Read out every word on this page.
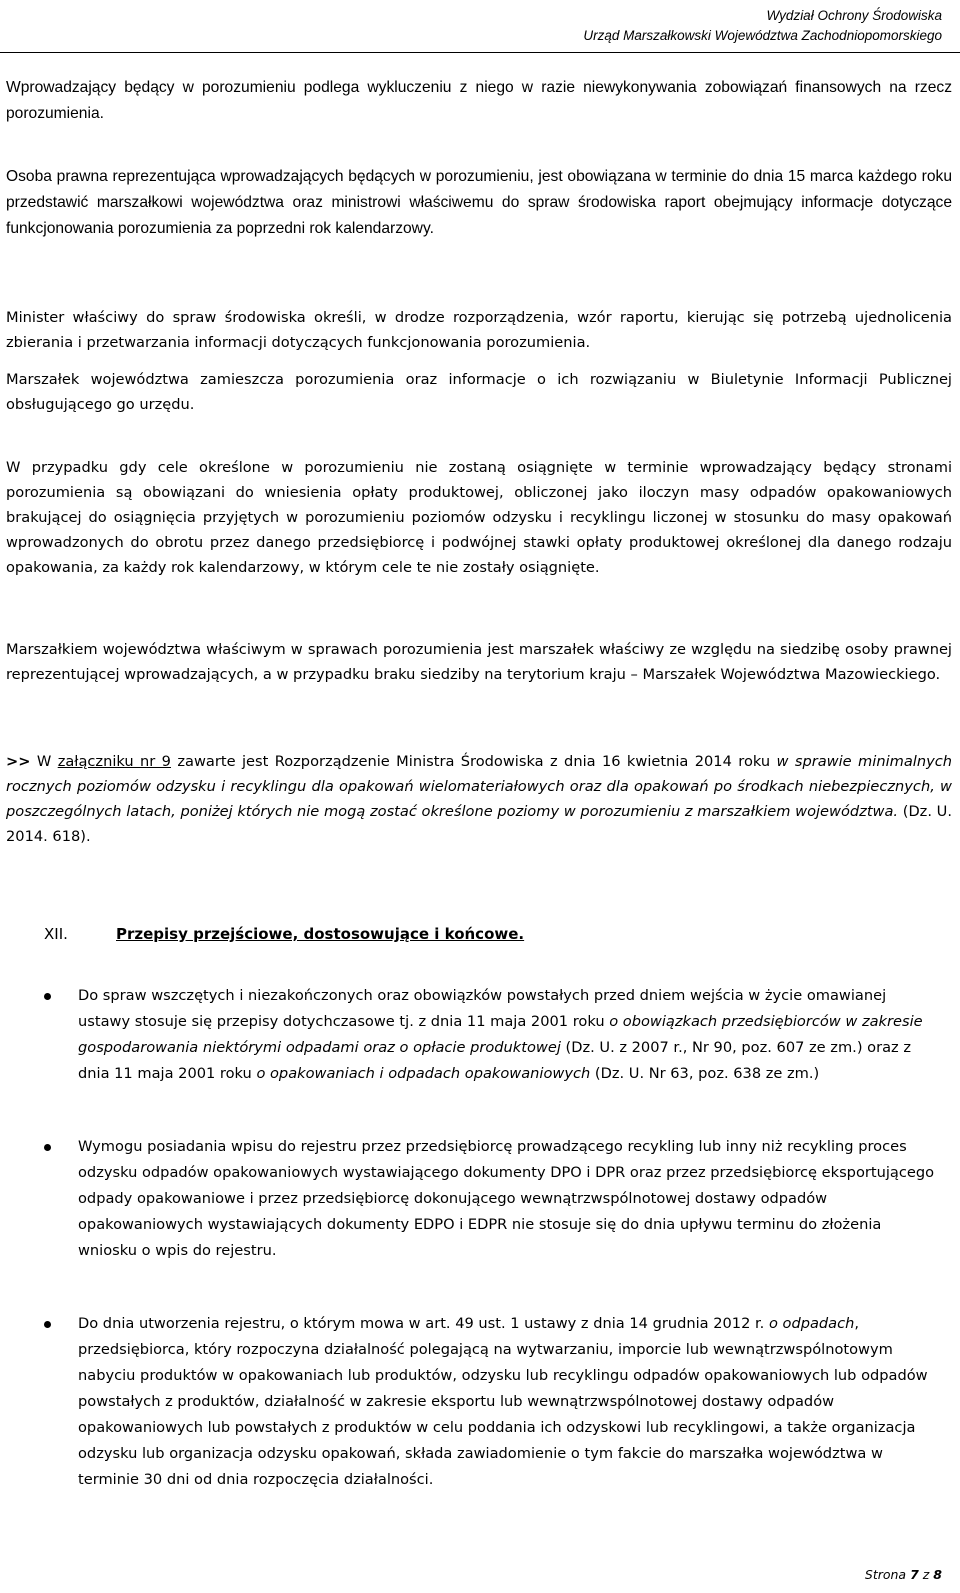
Wydział Ochrony Środowiska
Urząd Marszałkowski Województwa Zachodniopomorskiego

Wprowadzający będący w porozumieniu podlega wykluczeniu z niego w razie niewykonywania zobowiązań finansowych na rzecz porozumienia.

Osoba prawna reprezentująca wprowadzających będących w porozumieniu, jest obowiązana w terminie do dnia 15 marca każdego roku przedstawić marszałkowi województwa oraz ministrowi właściwemu do spraw środowiska raport obejmujący informacje dotyczące funkcjonowania porozumienia za poprzedni rok kalendarzowy.

Minister właściwy do spraw środowiska określi, w drodze rozporządzenia, wzór raportu, kierując się potrzebą ujednolicenia zbierania i przetwarzania informacji dotyczących funkcjonowania porozumienia.

Marszałek województwa zamieszcza porozumienia oraz informacje o ich rozwiązaniu w Biuletynie Informacji Publicznej obsługującego go urzędu.

W przypadku gdy cele określone w porozumieniu nie zostaną osiągnięte w terminie wprowadzający będący stronami porozumienia są obowiązani do wniesienia opłaty produktowej, obliczonej jako iloczyn masy odpadów opakowaniowych brakującej do osiągnięcia przyjętych w porozumieniu poziomów odzysku i recyklingu liczonej w stosunku do masy opakowań wprowadzonych do obrotu przez danego przedsiębiorcę i podwójnej stawki opłaty produktowej określonej dla danego rodzaju opakowania, za każdy rok kalendarzowy, w którym cele te nie zostały osiągnięte.

Marszałkiem województwa właściwym w sprawach porozumienia jest marszałek właściwy ze względu na siedzibę osoby prawnej reprezentującej wprowadzających, a w przypadku braku siedziby na terytorium kraju – Marszałek Województwa Mazowieckiego.

>> W załączniku nr 9 zawarte jest Rozporządzenie Ministra Środowiska z dnia 16 kwietnia 2014 roku w sprawie minimalnych rocznych poziomów odzysku i recyklingu dla opakowań wielomateriałowych oraz dla opakowań po środkach niebezpiecznych, w poszczególnych latach, poniżej których nie mogą zostać określone poziomy w porozumieniu z marszałkiem województwa. (Dz. U. 2014. 618).

XII.	Przepisy przejściowe, dostosowujące i końcowe.

Do spraw wszczętych i niezakończonych oraz obowiązków powstałych przed dniem wejścia w życie omawianej ustawy stosuje się przepisy dotychczasowe tj. z dnia 11 maja 2001 roku o obowiązkach przedsiębiorców w zakresie gospodarowania niektórymi odpadami oraz o opłacie produktowej (Dz. U. z 2007 r., Nr 90, poz. 607 ze zm.) oraz z dnia 11 maja 2001 roku o opakowaniach i odpadach opakowaniowych (Dz. U. Nr 63, poz. 638 ze zm.)

Wymogu posiadania wpisu do rejestru przez przedsiębiorcę prowadzącego recykling lub inny niż recykling proces odzysku odpadów opakowaniowych wystawiającego dokumenty DPO i DPR oraz przez przedsiębiorcę eksportującego odpady opakowaniowe i przez przedsiębiorcę dokonującego wewnątrzwspólnotowej dostawy odpadów opakowaniowych wystawiających dokumenty EDPO i EDPR nie stosuje się do dnia upływu terminu do złożenia wniosku o wpis do rejestru.

Do dnia utworzenia rejestru, o którym mowa w art. 49 ust. 1 ustawy z dnia 14 grudnia 2012 r. o odpadach, przedsiębiorca, który rozpoczyna działalność polegającą na wytwarzaniu, imporcie lub wewnątrzwspólnotowym nabyciu produktów w opakowaniach lub produktów, odzysku lub recyklingu odpadów opakowaniowych lub odpadów powstałych z produktów, działalność w zakresie eksportu lub wewnątrzwspólnotowej dostawy odpadów opakowaniowych lub powstałych z produktów w celu poddania ich odzyskowi lub recyklingowi, a także organizacja odzysku lub organizacja odzysku opakowań, składa zawiadomienie o tym fakcie do marszałka województwa w terminie 30 dni od dnia rozpoczęcia działalności.

Strona 7 z 8
